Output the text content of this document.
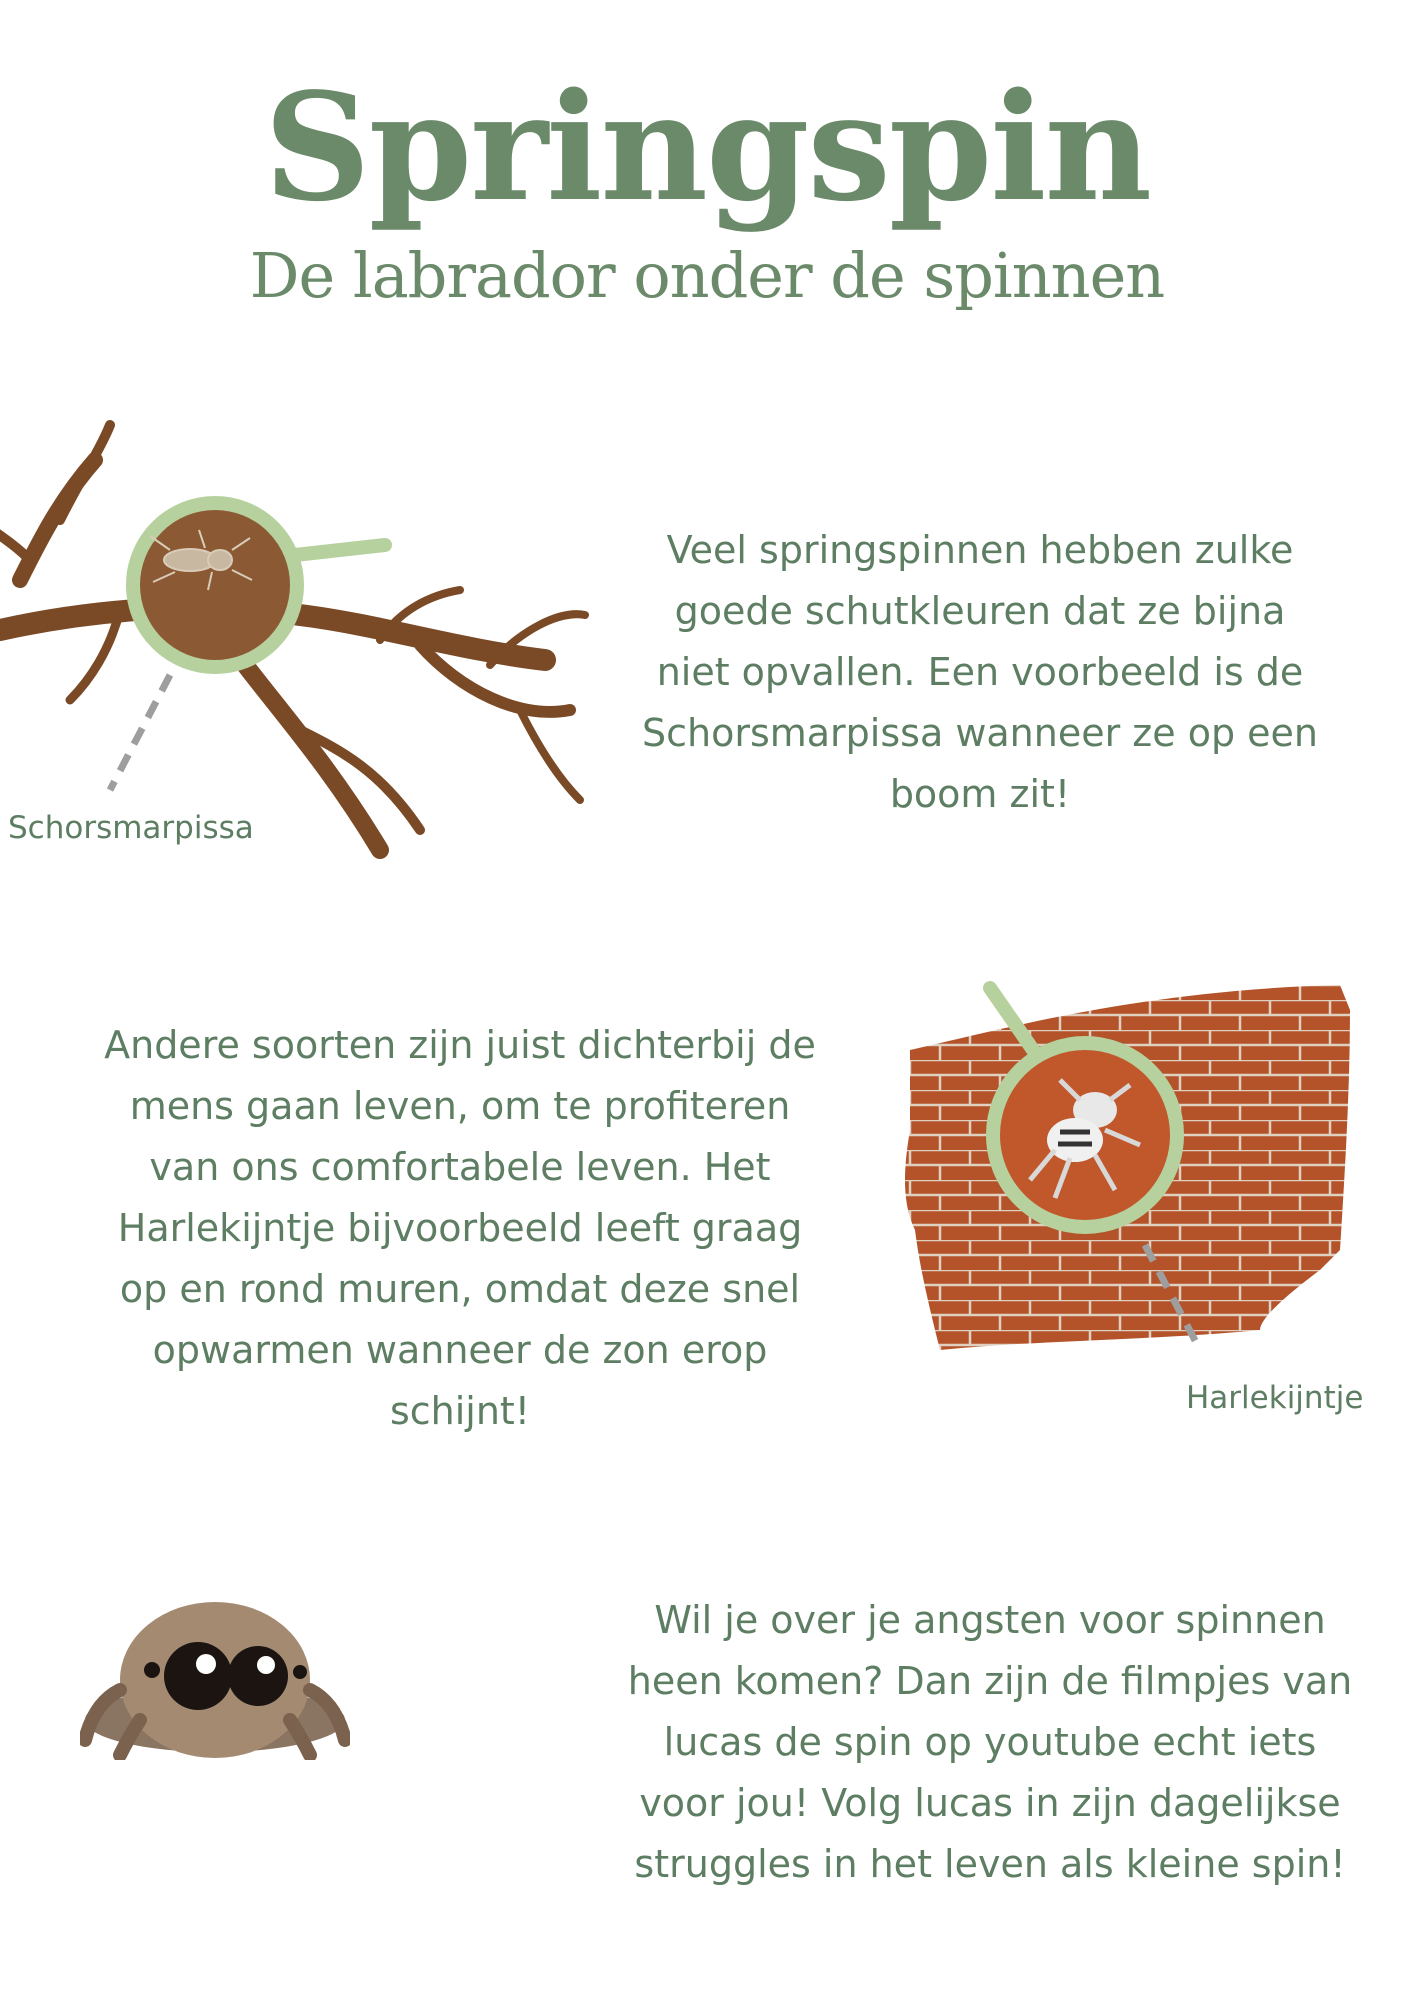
Springspin
De labrador onder de spinnen
Schorsmarpissa
Veel springspinnen hebben zulke
goede schutkleuren dat ze bijna
niet opvallen. Een voorbeeld is de
Schorsmarpissa wanneer ze op een
boom zit!
Harlekijntje
Andere soorten zijn juist dichterbij de
mens gaan leven, om te profiteren
van ons comfortabele leven. Het
Harlekijntje bijvoorbeeld leeft graag
op en rond muren, omdat deze snel
opwarmen wanneer de zon erop
schijnt!
Wil je over je angsten voor spinnen
heen komen? Dan zijn de filmpjes van
lucas de spin op youtube echt iets
voor jou! Volg lucas in zijn dagelijkse
struggles in het leven als kleine spin!
